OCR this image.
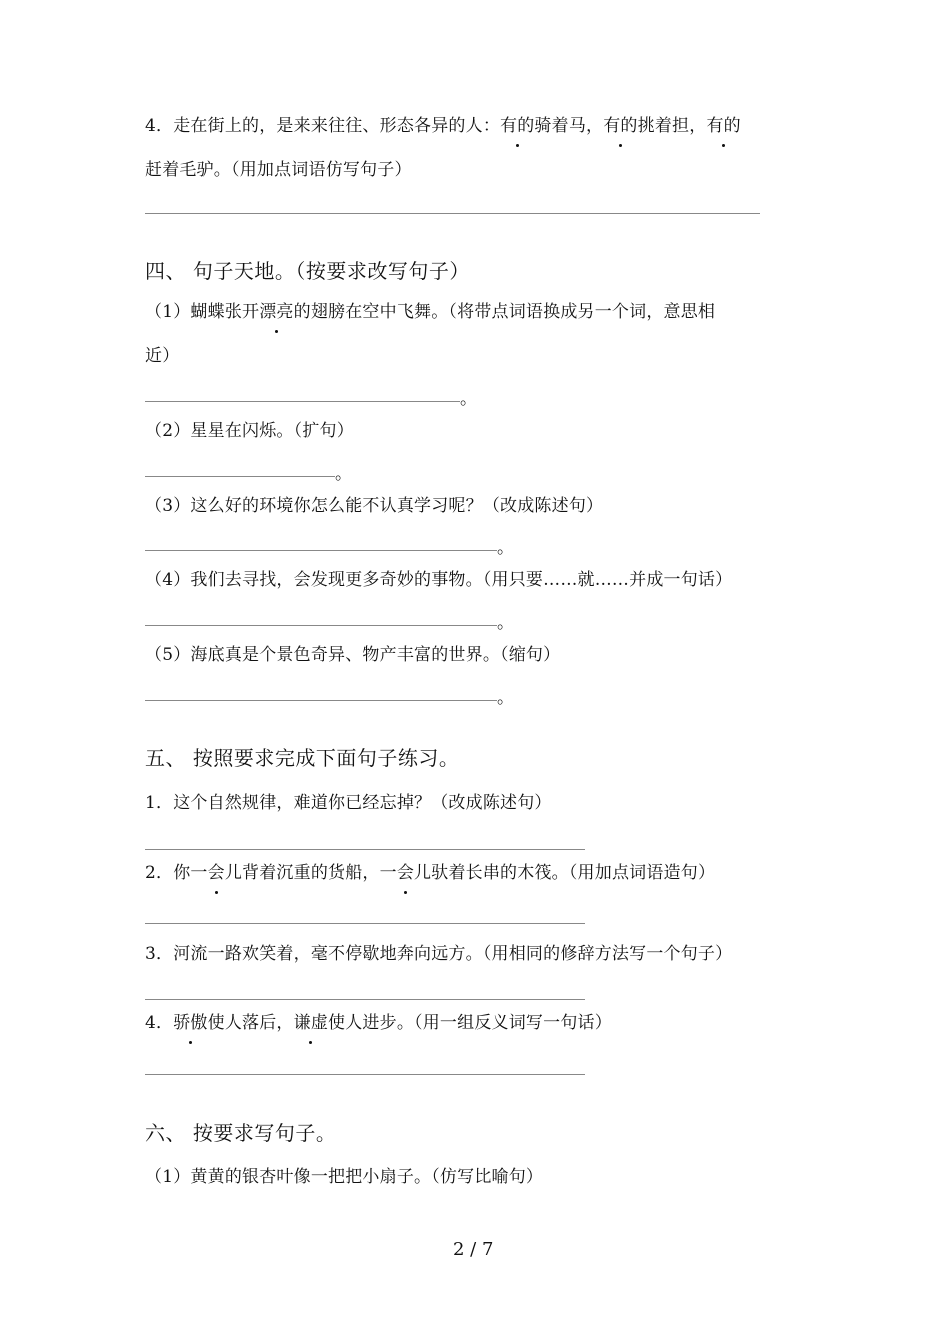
4．走在街上的，是来来往往、形态各异的人：有的骑着马，有的挑着担，有的
赶着毛驴。（用加点词语仿写句子）
四、 句子天地。（按要求改写句子）
（1）蝴蝶张开漂亮的翅膀在空中飞舞。（将带点词语换成另一个词，意思相
近）
。
（2）星星在闪烁。（扩句）
。
（3）这么好的环境你怎么能不认真学习呢？（改成陈述句）
。
（4）我们去寻找，会发现更多奇妙的事物。（用只要……就……并成一句话）
。
（5）海底真是个景色奇异、物产丰富的世界。（缩句）
。
五、 按照要求完成下面句子练习。
1．这个自然规律，难道你已经忘掉？（改成陈述句）
2．你一会儿背着沉重的货船，一会儿驮着长串的木筏。（用加点词语造句）
3．河流一路欢笑着，毫不停歇地奔向远方。（用相同的修辞方法写一个句子）
4．骄傲使人落后，谦虚使人进步。（用一组反义词写一句话）
六、 按要求写句子。
（1）黄黄的银杏叶像一把把小扇子。（仿写比喻句）
2 / 7
